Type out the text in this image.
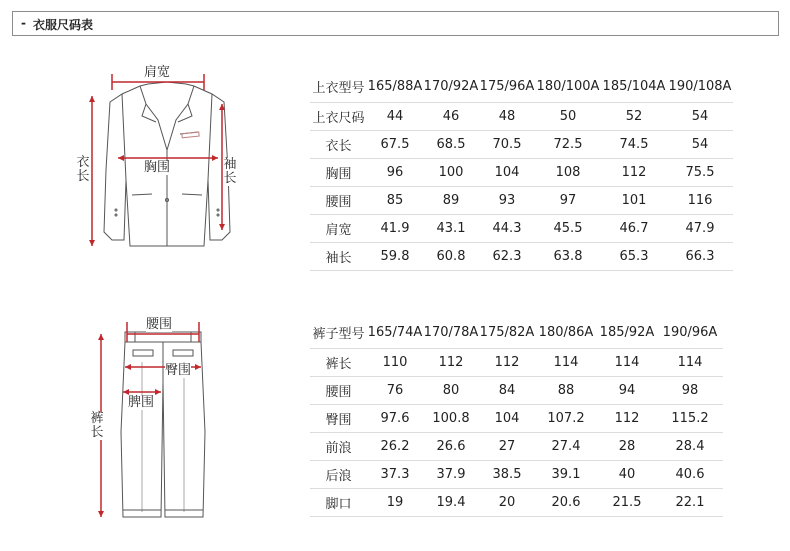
- 衣服尺码表
肩宽
胸围
衣长
袖长
上衣型号	165/88A	170/92A	175/96A	180/100A	185/104A	190/108A
上衣尺码	44	46	48	50	52	54
衣长	67.5	68.5	70.5	72.5	74.5	54
胸围	96	100	104	108	112	75.5
腰围	85	89	93	97	101	116
肩宽	41.9	43.1	44.3	45.5	46.7	47.9
袖长	59.8	60.8	62.3	63.8	65.3	66.3
腰围
臀围
脾围
裤长
裤子型号	165/74A	170/78A	175/82A	180/86A	185/92A	190/96A
裤长	110	112	112	114	114	114
腰围	76	80	84	88	94	98
臀围	97.6	100.8	104	107.2	112	115.2
前浪	26.2	26.6	27	27.4	28	28.4
后浪	37.3	37.9	38.5	39.1	40	40.6
脚口	19	19.4	20	20.6	21.5	22.1
